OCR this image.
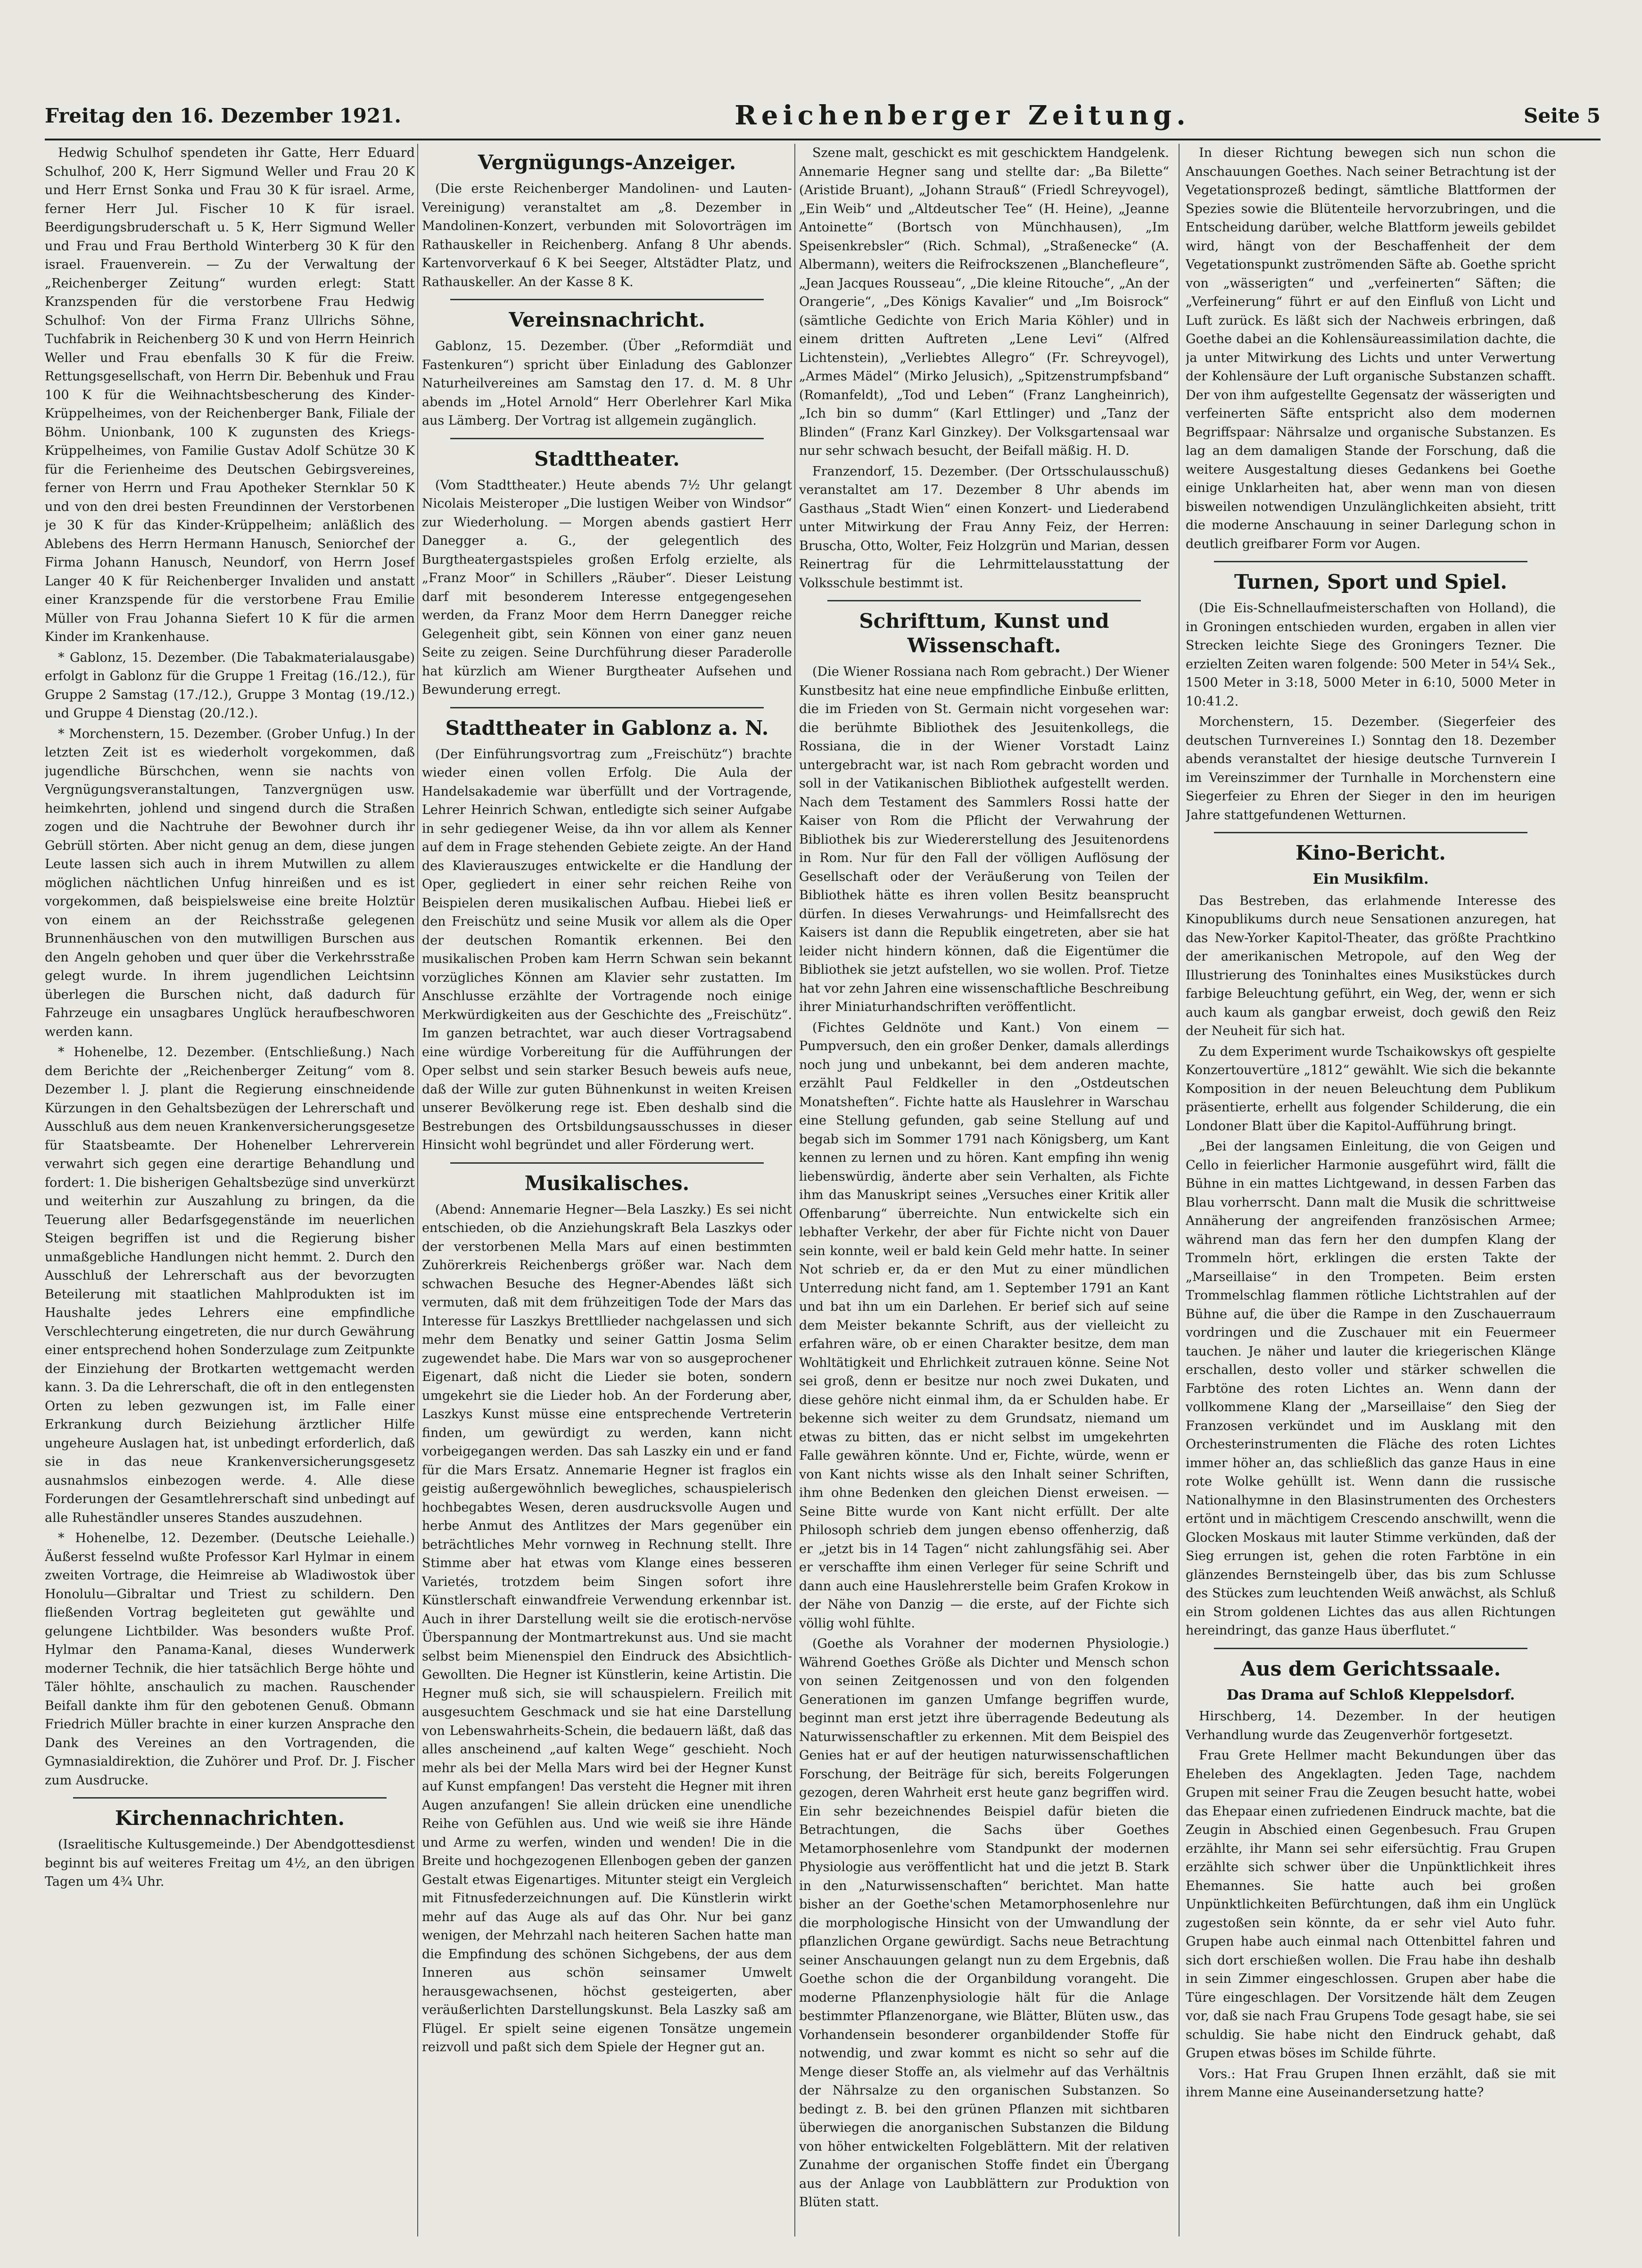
Freitag den 16. Dezember 1921.	Reichenberger Zeitung.	Seite 5

Hedwig Schulhof spendeten ihr Gatte, Herr Eduard Schulhof, 200 K, Herr Sigmund Weller und Frau 20 K und Herr Ernst Sonka und Frau 30 K für israel. Arme, ferner Herr Jul. Fischer 10 K für israel. Beerdigungsbruderschaft u. 5 K, Herr Sigmund Weller und Frau und Frau Berthold Winterberg 30 K für den israel. Frauenverein. — Zu der Verwaltung der „Reichenberger Zeitung“ wurden erlegt: Statt Kranzspenden für die verstorbene Frau Hedwig Schulhof: Von der Firma Franz Ullrichs Söhne, Tuchfabrik in Reichenberg 30 K und von Herrn Heinrich Weller und Frau ebenfalls 30 K für die Freiw. Rettungsgesellschaft, von Herrn Dir. Bebenhuk und Frau 100 K für die Weihnachtsbescherung des Kinder-Krüppelheimes, von der Reichenberger Bank, Filiale der Böhm. Unionbank, 100 K zugunsten des Kriegs-Krüppelheimes, von Familie Gustav Adolf Schütze 30 K für die Ferienheime des Deutschen Gebirgsvereines, ferner von Herrn und Frau Apotheker Sternklar 50 K und von den drei besten Freundinnen der Verstorbenen je 30 K für das Kinder-Krüppelheim; anläßlich des Ablebens des Herrn Hermann Hanusch, Seniorchef der Firma Johann Hanusch, Neundorf, von Herrn Josef Langer 40 K für Reichenberger Invaliden und anstatt einer Kranzspende für die verstorbene Frau Emilie Müller von Frau Johanna Siefert 10 K für die armen Kinder im Krankenhause.

* Gablonz, 15. Dezember. (Die Tabakmaterialausgabe) erfolgt in Gablonz für die Gruppe 1 Freitag (16./12.), für Gruppe 2 Samstag (17./12.), Gruppe 3 Montag (19./12.) und Gruppe 4 Dienstag (20./12.).

* Morchenstern, 15. Dezember. (Grober Unfug.) In der letzten Zeit ist es wiederholt vorgekommen, daß jugendliche Bürschchen, wenn sie nachts von Vergnügungsveranstaltungen, Tanzvergnügen usw. heimkehrten, johlend und singend durch die Straßen zogen und die Nachtruhe der Bewohner durch ihr Gebrüll störten. Aber nicht genug an dem, diese jungen Leute lassen sich auch in ihrem Mutwillen zu allem möglichen nächtlichen Unfug hinreißen und es ist vorgekommen, daß beispielsweise eine breite Holztür von einem an der Reichsstraße gelegenen Brunnenhäuschen von den mutwilligen Burschen aus den Angeln gehoben und quer über die Verkehrsstraße gelegt wurde. In ihrem jugendlichen Leichtsinn überlegen die Burschen nicht, daß dadurch für Fahrzeuge ein unsagbares Unglück heraufbeschworen werden kann.

* Hohenelbe, 12. Dezember. (Entschließung.) Nach dem Berichte der „Reichenberger Zeitung“ vom 8. Dezember l. J. plant die Regierung einschneidende Kürzungen in den Gehaltsbezügen der Lehrerschaft und Ausschluß aus dem neuen Krankenversicherungsgesetze für Staatsbeamte. Der Hohenelber Lehrerverein verwahrt sich gegen eine derartige Behandlung und fordert: 1. Die bisherigen Gehaltsbezüge sind unverkürzt und weiterhin zur Auszahlung zu bringen, da die Teuerung aller Bedarfsgegenstände im neuerlichen Steigen begriffen ist und die Regierung bisher unmaßgebliche Handlungen nicht hemmt. 2. Durch den Ausschluß der Lehrerschaft aus der bevorzugten Beteilerung mit staatlichen Mahlprodukten ist im Haushalte jedes Lehrers eine empfindliche Verschlechterung eingetreten, die nur durch Gewährung einer entsprechend hohen Sonderzulage zum Zeitpunkte der Einziehung der Brotkarten wettgemacht werden kann. 3. Da die Lehrerschaft, die oft in den entlegensten Orten zu leben gezwungen ist, im Falle einer Erkrankung durch Beiziehung ärztlicher Hilfe ungeheure Auslagen hat, ist unbedingt erforderlich, daß sie in das neue Krankenversicherungsgesetz ausnahmslos einbezogen werde. 4. Alle diese Forderungen der Gesamtlehrerschaft sind unbedingt auf alle Ruheständler unseres Standes auszudehnen.

* Hohenelbe, 12. Dezember. (Deutsche Leiehalle.) Äußerst fesselnd wußte Professor Karl Hylmar in einem zweiten Vortrage, die Heimreise ab Wladiwostok über Honolulu—Gibraltar und Triest zu schildern. Den fließenden Vortrag begleiteten gut gewählte und gelungene Lichtbilder. Was besonders wußte Prof. Hylmar den Panama-Kanal, dieses Wunderwerk moderner Technik, die hier tatsächlich Berge höhte und Täler höhlte, anschaulich zu machen. Rauschender Beifall dankte ihm für den gebotenen Genuß. Obmann Friedrich Müller brachte in einer kurzen Ansprache den Dank des Vereines an den Vortragenden, die Gymnasialdirektion, die Zuhörer und Prof. Dr. J. Fischer zum Ausdrucke.

Kirchennachrichten.

(Israelitische Kultusgemeinde.) Der Abendgottesdienst beginnt bis auf weiteres Freitag um 4½, an den übrigen Tagen um 4¾ Uhr.

Vergnügungs-Anzeiger.

(Die erste Reichenberger Mandolinen- und Lauten-Vereinigung) veranstaltet am „8. Dezember in Mandolinen-Konzert, verbunden mit Solovorträgen im Rathauskeller in Reichenberg. Anfang 8 Uhr abends. Kartenvorverkauf 6 K bei Seeger, Altstädter Platz, und Rathauskeller. An der Kasse 8 K.

Vereinsnachricht.

Gablonz, 15. Dezember. (Über „Reformdiät und Fastenkuren“) spricht über Einladung des Gablonzer Naturheilvereines am Samstag den 17. d. M. 8 Uhr abends im „Hotel Arnold“ Herr Oberlehrer Karl Mika aus Lämberg. Der Vortrag ist allgemein zugänglich.

Stadttheater.

(Vom Stadttheater.) Heute abends 7½ Uhr gelangt Nicolais Meisteroper „Die lustigen Weiber von Windsor“ zur Wiederholung. — Morgen abends gastiert Herr Danegger a. G., der gelegentlich des Burgtheatergastspieles großen Erfolg erzielte, als „Franz Moor“ in Schillers „Räuber“. Dieser Leistung darf mit besonderem Interesse entgegengesehen werden, da Franz Moor dem Herrn Danegger reiche Gelegenheit gibt, sein Können von einer ganz neuen Seite zu zeigen. Seine Durchführung dieser Paraderolle hat kürzlich am Wiener Burgtheater Aufsehen und Bewunderung erregt.

Stadttheater in Gablonz a. N.

(Der Einführungsvortrag zum „Freischütz“) brachte wieder einen vollen Erfolg. Die Aula der Handelsakademie war überfüllt und der Vortragende, Lehrer Heinrich Schwan, entledigte sich seiner Aufgabe in sehr gediegener Weise, da ihn vor allem als Kenner auf dem in Frage stehenden Gebiete zeigte. An der Hand des Klavierauszuges entwickelte er die Handlung der Oper, gegliedert in einer sehr reichen Reihe von Beispielen deren musikalischen Aufbau. Hiebei ließ er den Freischütz und seine Musik vor allem als die Oper der deutschen Romantik erkennen. Bei den musikalischen Proben kam Herrn Schwan sein bekannt vorzügliches Können am Klavier sehr zustatten. Im Anschlusse erzählte der Vortragende noch einige Merkwürdigkeiten aus der Geschichte des „Freischütz“. Im ganzen betrachtet, war auch dieser Vortragsabend eine würdige Vorbereitung für die Aufführungen der Oper selbst und sein starker Besuch beweis aufs neue, daß der Wille zur guten Bühnenkunst in weiten Kreisen unserer Bevölkerung rege ist. Eben deshalb sind die Bestrebungen des Ortsbildungsausschusses in dieser Hinsicht wohl begründet und aller Förderung wert.

Musikalisches.

(Abend: Annemarie Hegner—Bela Laszky.) Es sei nicht entschieden, ob die Anziehungskraft Bela Laszkys oder der verstorbenen Mella Mars auf einen bestimmten Zuhörerkreis Reichenbergs größer war. Nach dem schwachen Besuche des Hegner-Abendes läßt sich vermuten, daß mit dem frühzeitigen Tode der Mars das Interesse für Laszkys Brettllieder nachgelassen und sich mehr dem Benatky und seiner Gattin Josma Selim zugewendet habe. Die Mars war von so ausgeprochener Eigenart, daß nicht die Lieder sie boten, sondern umgekehrt sie die Lieder hob. An der Forderung aber, Laszkys Kunst müsse eine entsprechende Vertreterin finden, um gewürdigt zu werden, kann nicht vorbeigegangen werden. Das sah Laszky ein und er fand für die Mars Ersatz. Annemarie Hegner ist fraglos ein geistig außergewöhnlich bewegliches, schauspielerisch hochbegabtes Wesen, deren ausdrucksvolle Augen und herbe Anmut des Antlitzes der Mars gegenüber ein beträchtliches Mehr vornweg in Rechnung stellt. Ihre Stimme aber hat etwas vom Klange eines besseren Varietés, trotzdem beim Singen sofort ihre Künstlerschaft einwandfreie Verwendung erkennbar ist. Auch in ihrer Darstellung weilt sie die erotisch-nervöse Überspannung der Montmartrekunst aus. Und sie macht selbst beim Mienenspiel den Eindruck des Absichtlich-Gewollten. Die Hegner ist Künstlerin, keine Artistin. Die Hegner muß sich, sie will schauspielern. Freilich mit ausgesuchtem Geschmack und sie hat eine Darstellung von Lebenswahrheits-Schein, die bedauern läßt, daß das alles anscheinend „auf kalten Wege“ geschieht. Noch mehr als bei der Mella Mars wird bei der Hegner Kunst auf Kunst empfangen! Das versteht die Hegner mit ihren Augen anzufangen! Sie allein drücken eine unendliche Reihe von Gefühlen aus. Und wie weiß sie ihre Hände und Arme zu werfen, winden und wenden! Die in die Breite und hochgezogenen Ellenbogen geben der ganzen Gestalt etwas Eigenartiges. Mitunter steigt ein Vergleich mit Fitnusfederzeichnungen auf. Die Künstlerin wirkt mehr auf das Auge als auf das Ohr. Nur bei ganz wenigen, der Mehrzahl nach heiteren Sachen hatte man die Empfindung des schönen Sichgebens, der aus dem Inneren aus schön seinsamer Umwelt herausgewachsenen, höchst gesteigerten, aber veräußerlichten Darstellungskunst. Bela Laszky saß am Flügel. Er spielt seine eigenen Tonsätze ungemein reizvoll und paßt sich dem Spiele der Hegner gut an.

Szene malt, geschickt es mit geschicktem Handgelenk. Annemarie Hegner sang und stellte dar: „Ba Bilette“ (Aristide Bruant), „Johann Strauß“ (Friedl Schreyvogel), „Ein Weib“ und „Altdeutscher Tee“ (H. Heine), „Jeanne Antoinette“ (Bortsch von Münchhausen), „Im Speisenkrebsler“ (Rich. Schmal), „Straßenecke“ (A. Albermann), weiters die Reifrockszenen „Blanchefleure“, „Jean Jacques Rousseau“, „Die kleine Ritouche“, „An der Orangerie“, „Des Königs Kavalier“ und „Im Boisrock“ (sämtliche Gedichte von Erich Maria Köhler) und in einem dritten Auftreten „Lene Levi“ (Alfred Lichtenstein), „Verliebtes Allegro“ (Fr. Schreyvogel), „Armes Mädel“ (Mirko Jelusich), „Spitzenstrumpfsband“ (Romanfeldt), „Tod und Leben“ (Franz Langheinrich), „Ich bin so dumm“ (Karl Ettlinger) und „Tanz der Blinden“ (Franz Karl Ginzkey). Der Volksgartensaal war nur sehr schwach besucht, der Beifall mäßig. H. D.

Franzendorf, 15. Dezember. (Der Ortsschulausschuß) veranstaltet am 17. Dezember 8 Uhr abends im Gasthaus „Stadt Wien“ einen Konzert- und Liederabend unter Mitwirkung der Frau Anny Feiz, der Herren: Bruscha, Otto, Wolter, Feiz Holzgrün und Marian, dessen Reinertrag für die Lehrmittelausstattung der Volksschule bestimmt ist.

Schrifttum, Kunst und Wissenschaft.

(Die Wiener Rossiana nach Rom gebracht.) Der Wiener Kunstbesitz hat eine neue empfindliche Einbuße erlitten, die im Frieden von St. Germain nicht vorgesehen war: die berühmte Bibliothek des Jesuitenkollegs, die Rossiana, die in der Wiener Vorstadt Lainz untergebracht war, ist nach Rom gebracht worden und soll in der Vatikanischen Bibliothek aufgestellt werden. Nach dem Testament des Sammlers Rossi hatte der Kaiser von Rom die Pflicht der Verwahrung der Bibliothek bis zur Wiedererstellung des Jesuitenordens in Rom. Nur für den Fall der völligen Auflösung der Gesellschaft oder der Veräußerung von Teilen der Bibliothek hätte es ihren vollen Besitz beansprucht dürfen. In dieses Verwahrungs- und Heimfallsrecht des Kaisers ist dann die Republik eingetreten, aber sie hat leider nicht hindern können, daß die Eigentümer die Bibliothek sie jetzt aufstellen, wo sie wollen. Prof. Tietze hat vor zehn Jahren eine wissenschaftliche Beschreibung ihrer Miniaturhandschriften veröffentlicht.

(Fichtes Geldnöte und Kant.) Von einem — Pumpversuch, den ein großer Denker, damals allerdings noch jung und unbekannt, bei dem anderen machte, erzählt Paul Feldkeller in den „Ostdeutschen Monatsheften“. Fichte hatte als Hauslehrer in Warschau eine Stellung gefunden, gab seine Stellung auf und begab sich im Sommer 1791 nach Königsberg, um Kant kennen zu lernen und zu hören. Kant empfing ihn wenig liebenswürdig, änderte aber sein Verhalten, als Fichte ihm das Manuskript seines „Versuches einer Kritik aller Offenbarung“ überreichte. Nun entwickelte sich ein lebhafter Verkehr, der aber für Fichte nicht von Dauer sein konnte, weil er bald kein Geld mehr hatte. In seiner Not schrieb er, da er den Mut zu einer mündlichen Unterredung nicht fand, am 1. September 1791 an Kant und bat ihn um ein Darlehen. Er berief sich auf seine dem Meister bekannte Schrift, aus der vielleicht zu erfahren wäre, ob er einen Charakter besitze, dem man Wohltätigkeit und Ehrlichkeit zutrauen könne. Seine Not sei groß, denn er besitze nur noch zwei Dukaten, und diese gehöre nicht einmal ihm, da er Schulden habe. Er bekenne sich weiter zu dem Grundsatz, niemand um etwas zu bitten, das er nicht selbst im umgekehrten Falle gewähren könnte. Und er, Fichte, würde, wenn er von Kant nichts wisse als den Inhalt seiner Schriften, ihm ohne Bedenken den gleichen Dienst erweisen. — Seine Bitte wurde von Kant nicht erfüllt. Der alte Philosoph schrieb dem jungen ebenso offenherzig, daß er „jetzt bis in 14 Tagen“ nicht zahlungsfähig sei. Aber er verschaffte ihm einen Verleger für seine Schrift und dann auch eine Hauslehrerstelle beim Grafen Krokow in der Nähe von Danzig — die erste, auf der Fichte sich völlig wohl fühlte.

(Goethe als Vorahner der modernen Physiologie.) Während Goethes Größe als Dichter und Mensch schon von seinen Zeitgenossen und von den folgenden Generationen im ganzen Umfange begriffen wurde, beginnt man erst jetzt ihre überragende Bedeutung als Naturwissenschaftler zu erkennen. Mit dem Beispiel des Genies hat er auf der heutigen naturwissenschaftlichen Forschung, der Beiträge für sich, bereits Folgerungen gezogen, deren Wahrheit erst heute ganz begriffen wird. Ein sehr bezeichnendes Beispiel dafür bieten die Betrachtungen, die Sachs über Goethes Metamorphosenlehre vom Standpunkt der modernen Physiologie aus veröffentlicht hat und die jetzt B. Stark in den „Naturwissenschaften“ berichtet. Man hatte bisher an der Goethe'schen Metamorphosenlehre nur die morphologische Hinsicht von der Umwandlung der pflanzlichen Organe gewürdigt. Sachs neue Betrachtung seiner Anschauungen gelangt nun zu dem Ergebnis, daß Goethe schon die der Organbildung vorangeht. Die moderne Pflanzenphysiologie hält für die Anlage bestimmter Pflanzenorgane, wie Blätter, Blüten usw., das Vorhandensein besonderer organbildender Stoffe für notwendig, und zwar kommt es nicht so sehr auf die Menge dieser Stoffe an, als vielmehr auf das Verhältnis der Nährsalze zu den organischen Substanzen. So bedingt z. B. bei den grünen Pflanzen mit sichtbaren überwiegen die anorganischen Substanzen die Bildung von höher entwickelten Folgeblättern. Mit der relativen Zunahme der organischen Stoffe findet ein Übergang aus der Anlage von Laubblättern zur Produktion von Blüten statt.

In dieser Richtung bewegen sich nun schon die Anschauungen Goethes. Nach seiner Betrachtung ist der Vegetationsprozeß bedingt, sämtliche Blattformen der Spezies sowie die Blütenteile hervorzubringen, und die Entscheidung darüber, welche Blattform jeweils gebildet wird, hängt von der Beschaffenheit der dem Vegetationspunkt zuströmenden Säfte ab. Goethe spricht von „wässerigten“ und „verfeinerten“ Säften; die „Verfeinerung“ führt er auf den Einfluß von Licht und Luft zurück. Es läßt sich der Nachweis erbringen, daß Goethe dabei an die Kohlensäureassimilation dachte, die ja unter Mitwirkung des Lichts und unter Verwertung der Kohlensäure der Luft organische Substanzen schafft. Der von ihm aufgestellte Gegensatz der wässerigten und verfeinerten Säfte entspricht also dem modernen Begriffspaar: Nährsalze und organische Substanzen. Es lag an dem damaligen Stande der Forschung, daß die weitere Ausgestaltung dieses Gedankens bei Goethe einige Unklarheiten hat, aber wenn man von diesen bisweilen notwendigen Unzulänglichkeiten absieht, tritt die moderne Anschauung in seiner Darlegung schon in deutlich greifbarer Form vor Augen.

Turnen, Sport und Spiel.

(Die Eis-Schnellaufmeisterschaften von Holland), die in Groningen entschieden wurden, ergaben in allen vier Strecken leichte Siege des Groningers Tezner. Die erzielten Zeiten waren folgende: 500 Meter in 54¼ Sek., 1500 Meter in 3:18, 5000 Meter in 6:10, 5000 Meter in 10:41.2.

Morchenstern, 15. Dezember. (Siegerfeier des deutschen Turnvereines I.) Sonntag den 18. Dezember abends veranstaltet der hiesige deutsche Turnverein I im Vereinszimmer der Turnhalle in Morchenstern eine Siegerfeier zu Ehren der Sieger in den im heurigen Jahre stattgefundenen Wetturnen.

Kino-Bericht.
Ein Musikfilm.

Das Bestreben, das erlahmende Interesse des Kinopublikums durch neue Sensationen anzuregen, hat das New-Yorker Kapitol-Theater, das größte Prachtkino der amerikanischen Metropole, auf den Weg der Illustrierung des Toninhaltes eines Musikstückes durch farbige Beleuchtung geführt, ein Weg, der, wenn er sich auch kaum als gangbar erweist, doch gewiß den Reiz der Neuheit für sich hat.

Zu dem Experiment wurde Tschaikowskys oft gespielte Konzertouvertüre „1812“ gewählt. Wie sich die bekannte Komposition in der neuen Beleuchtung dem Publikum präsentierte, erhellt aus folgender Schilderung, die ein Londoner Blatt über die Kapitol-Aufführung bringt.

„Bei der langsamen Einleitung, die von Geigen und Cello in feierlicher Harmonie ausgeführt wird, fällt die Bühne in ein mattes Lichtgewand, in dessen Farben das Blau vorherrscht. Dann malt die Musik die schrittweise Annäherung der angreifenden französischen Armee; während man das fern her den dumpfen Klang der Trommeln hört, erklingen die ersten Takte der „Marseillaise“ in den Trompeten. Beim ersten Trommelschlag flammen rötliche Lichtstrahlen auf der Bühne auf, die über die Rampe in den Zuschauerraum vordringen und die Zuschauer mit ein Feuermeer tauchen. Je näher und lauter die kriegerischen Klänge erschallen, desto voller und stärker schwellen die Farbtöne des roten Lichtes an. Wenn dann der vollkommene Klang der „Marseillaise“ den Sieg der Franzosen verkündet und im Ausklang mit den Orchesterinstrumenten die Fläche des roten Lichtes immer höher an, das schließlich das ganze Haus in eine rote Wolke gehüllt ist. Wenn dann die russische Nationalhymne in den Blasinstrumenten des Orchesters ertönt und in mächtigem Crescendo anschwillt, wenn die Glocken Moskaus mit lauter Stimme verkünden, daß der Sieg errungen ist, gehen die roten Farbtöne in ein glänzendes Bernsteingelb über, das bis zum Schlusse des Stückes zum leuchtenden Weiß anwächst, als Schluß ein Strom goldenen Lichtes das aus allen Richtungen hereindringt, das ganze Haus überflutet.“

Aus dem Gerichtssaale.
Das Drama auf Schloß Kleppelsdorf.

Hirschberg, 14. Dezember. In der heutigen Verhandlung wurde das Zeugenverhör fortgesetzt.

Frau Grete Hellmer macht Bekundungen über das Eheleben des Angeklagten. Jeden Tage, nachdem Grupen mit seiner Frau die Zeugen besucht hatte, wobei das Ehepaar einen zufriedenen Eindruck machte, bat die Zeugin in Abschied einen Gegenbesuch. Frau Grupen erzählte, ihr Mann sei sehr eifersüchtig. Frau Grupen erzählte sich schwer über die Unpünktlichkeit ihres Ehemannes. Sie hatte auch bei großen Unpünktlichkeiten Befürchtungen, daß ihm ein Unglück zugestoßen sein könnte, da er sehr viel Auto fuhr. Grupen habe auch einmal nach Ottenbittel fahren und sich dort erschießen wollen. Die Frau habe ihn deshalb in sein Zimmer eingeschlossen. Grupen aber habe die Türe eingeschlagen. Der Vorsitzende hält dem Zeugen vor, daß sie nach Frau Grupens Tode gesagt habe, sie sei schuldig. Sie habe nicht den Eindruck gehabt, daß Grupen etwas böses im Schilde führte.

Vors.: Hat Frau Grupen Ihnen erzählt, daß sie mit ihrem Manne eine Auseinandersetzung hatte?
